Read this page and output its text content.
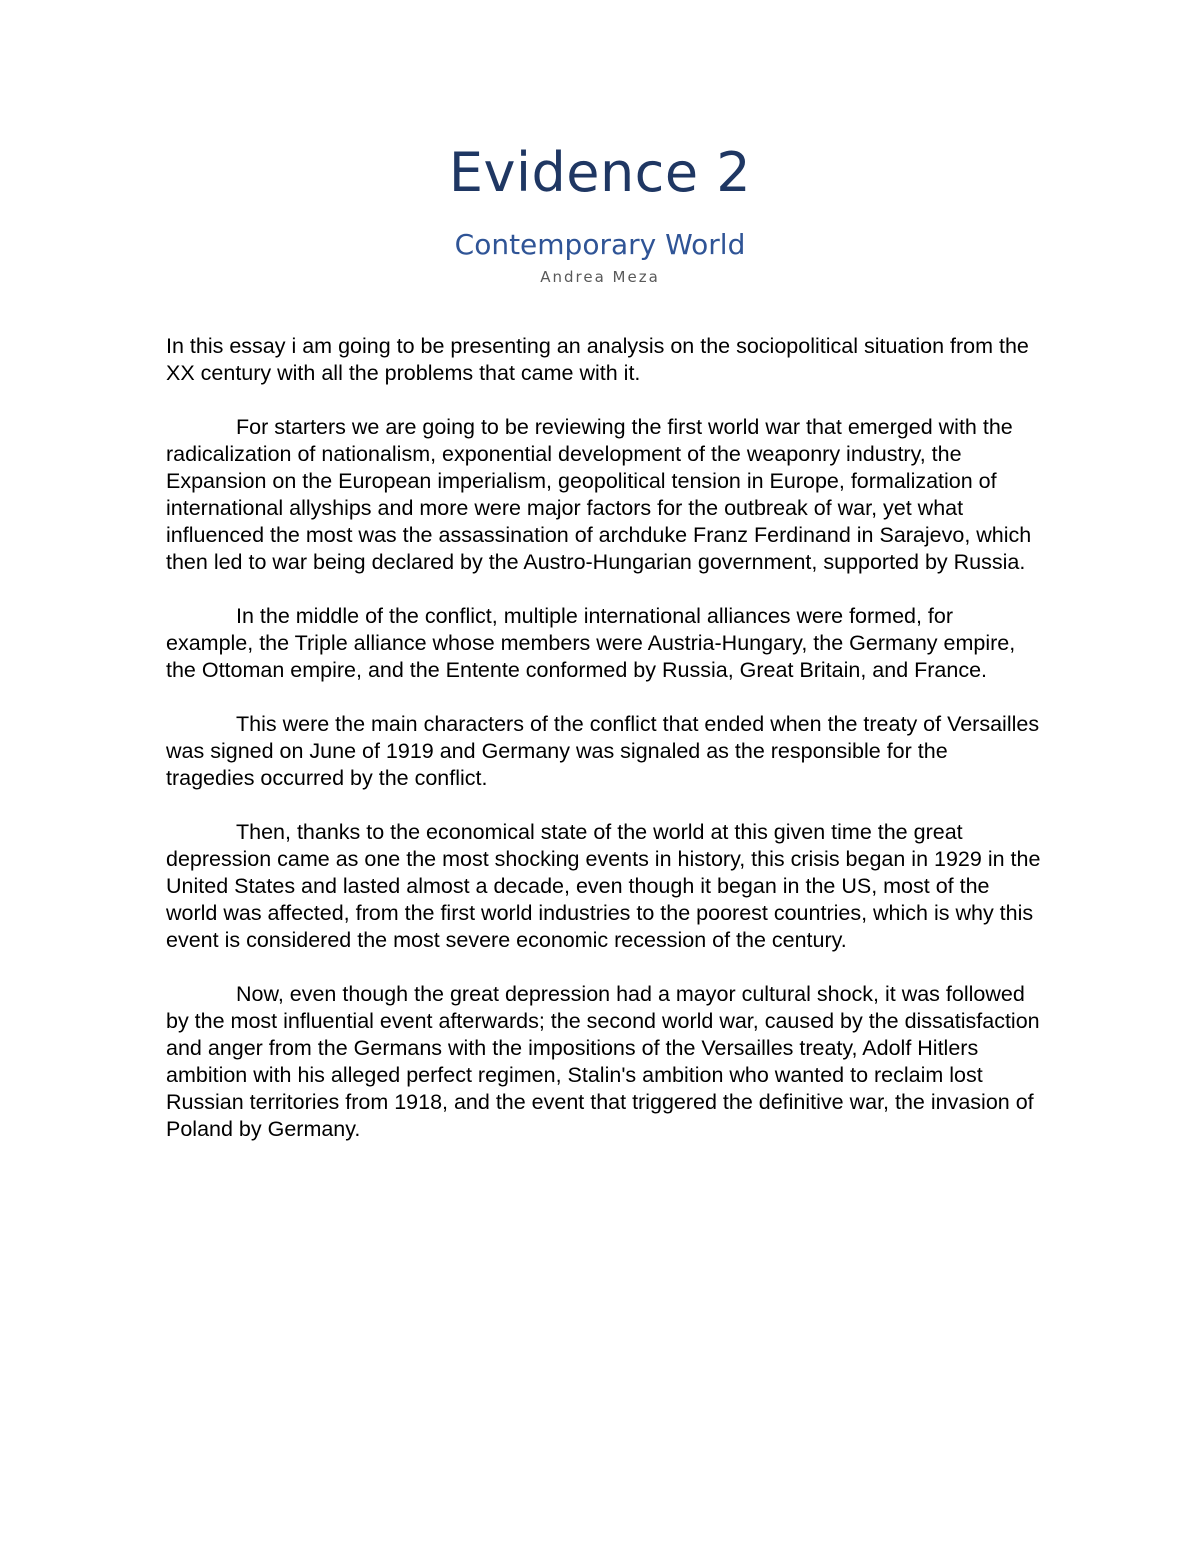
Evidence 2
Contemporary World
Andrea Meza

In this essay i am going to be presenting an analysis on the sociopolitical situation from the XX century with all the problems that came with it.

For starters we are going to be reviewing the first world war that emerged with the radicalization of nationalism, exponential development of the weaponry industry, the Expansion on the European imperialism, geopolitical tension in Europe, formalization of international allyships and more were major factors for the outbreak of war, yet what influenced the most was the assassination of archduke Franz Ferdinand in Sarajevo, which then led to war being declared by the Austro-Hungarian government, supported by Russia.

In the middle of the conflict, multiple international alliances were formed, for example, the Triple alliance whose members were Austria-Hungary, the Germany empire, the Ottoman empire, and the Entente conformed by Russia, Great Britain, and France.

This were the main characters of the conflict that ended when the treaty of Versailles was signed on June of 1919 and Germany was signaled as the responsible for the tragedies occurred by the conflict.

Then, thanks to the economical state of the world at this given time the great depression came as one the most shocking events in history, this crisis began in 1929 in the United States and lasted almost a decade, even though it began in the US, most of the world was affected, from the first world industries to the poorest countries, which is why this event is considered the most severe economic recession of the century.

Now, even though the great depression had a mayor cultural shock, it was followed by the most influential event afterwards; the second world war, caused by the dissatisfaction and anger from the Germans with the impositions of the Versailles treaty, Adolf Hitlers ambition with his alleged perfect regimen, Stalin's ambition who wanted to reclaim lost Russian territories from 1918, and the event that triggered the definitive war, the invasion of Poland by Germany.
